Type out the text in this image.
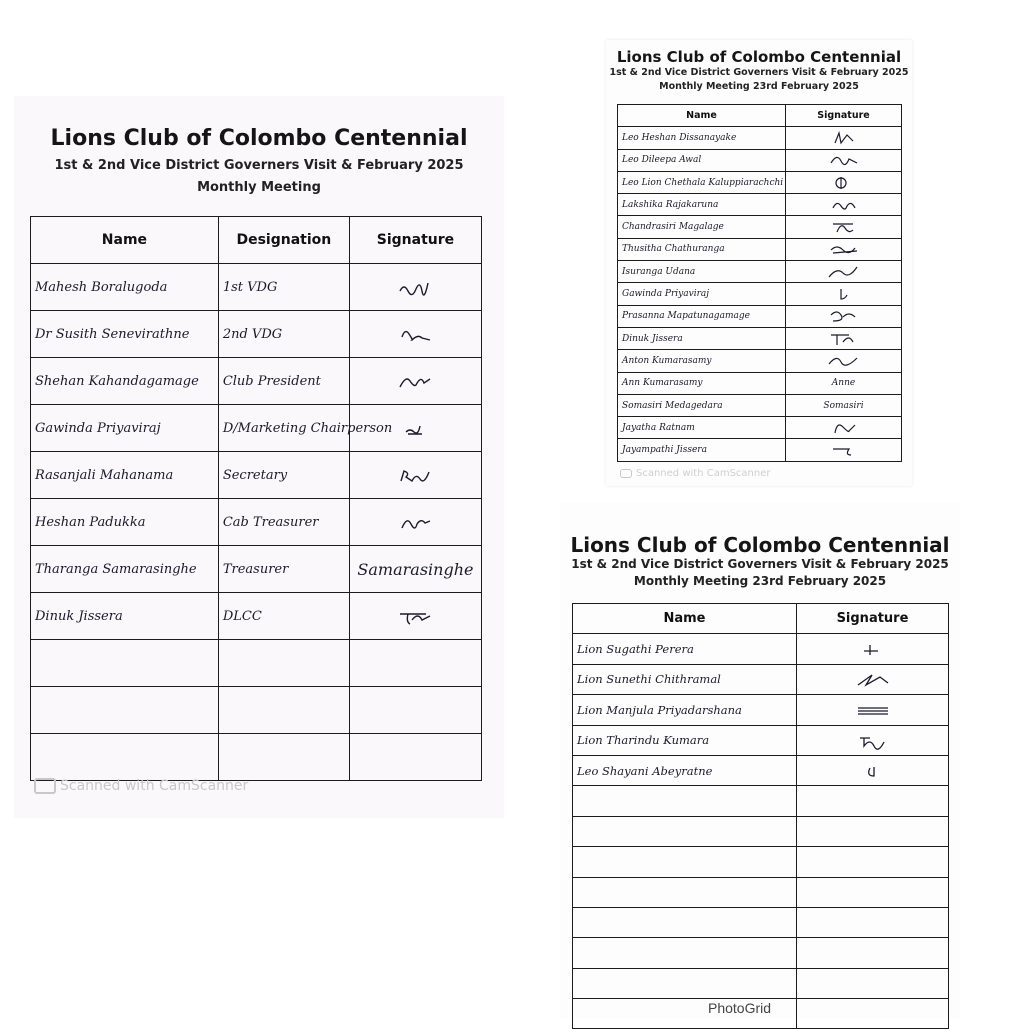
Lions Club of Colombo Centennial
1st & 2nd Vice District Governers Visit & February 2025
Monthly Meeting
Name	Designation	Signature
Mahesh Boralugoda	1st VDG	
Dr Susith Senevirathne	2nd VDG	
Shehan Kahandagamage	Club President	
Gawinda Priyaviraj	D/Marketing Chairperson	
Rasanjali Mahanama	Secretary	
Heshan Padukka	Cab Treasurer	
Tharanga Samarasinghe	Treasurer	Samarasinghe
Dinuk Jissera	DLCC	

Scanned with CamScanner
Lions Club of Colombo Centennial
1st & 2nd Vice District Governers Visit & February 2025
Monthly Meeting 23rd February 2025
Name	Signature
Leo Heshan Dissanayake	
Leo Dileepa Awal	
Leo Lion Chethala Kaluppiarachchi	
Lakshika Rajakaruna	
Chandrasiri Magalage	
Thusitha Chathuranga	
Isuranga Udana	
Gawinda Priyaviraj	
Prasanna Mapatunagamage	
Dinuk Jissera	
Anton Kumarasamy	
Ann Kumarasamy	Anne
Somasiri Medagedara	Somasiri
Jayatha Ratnam	
Jayampathi Jissera	
Scanned with CamScanner
Lions Club of Colombo Centennial
1st & 2nd Vice District Governers Visit & February 2025
Monthly Meeting 23rd February 2025
Name	Signature
Lion Sugathi Perera	
Lion Sunethi Chithramal	
Lion Manjula Priyadarshana	
Lion Tharindu Kumara	
Leo Shayani Abeyratne	

PhotoGrid
